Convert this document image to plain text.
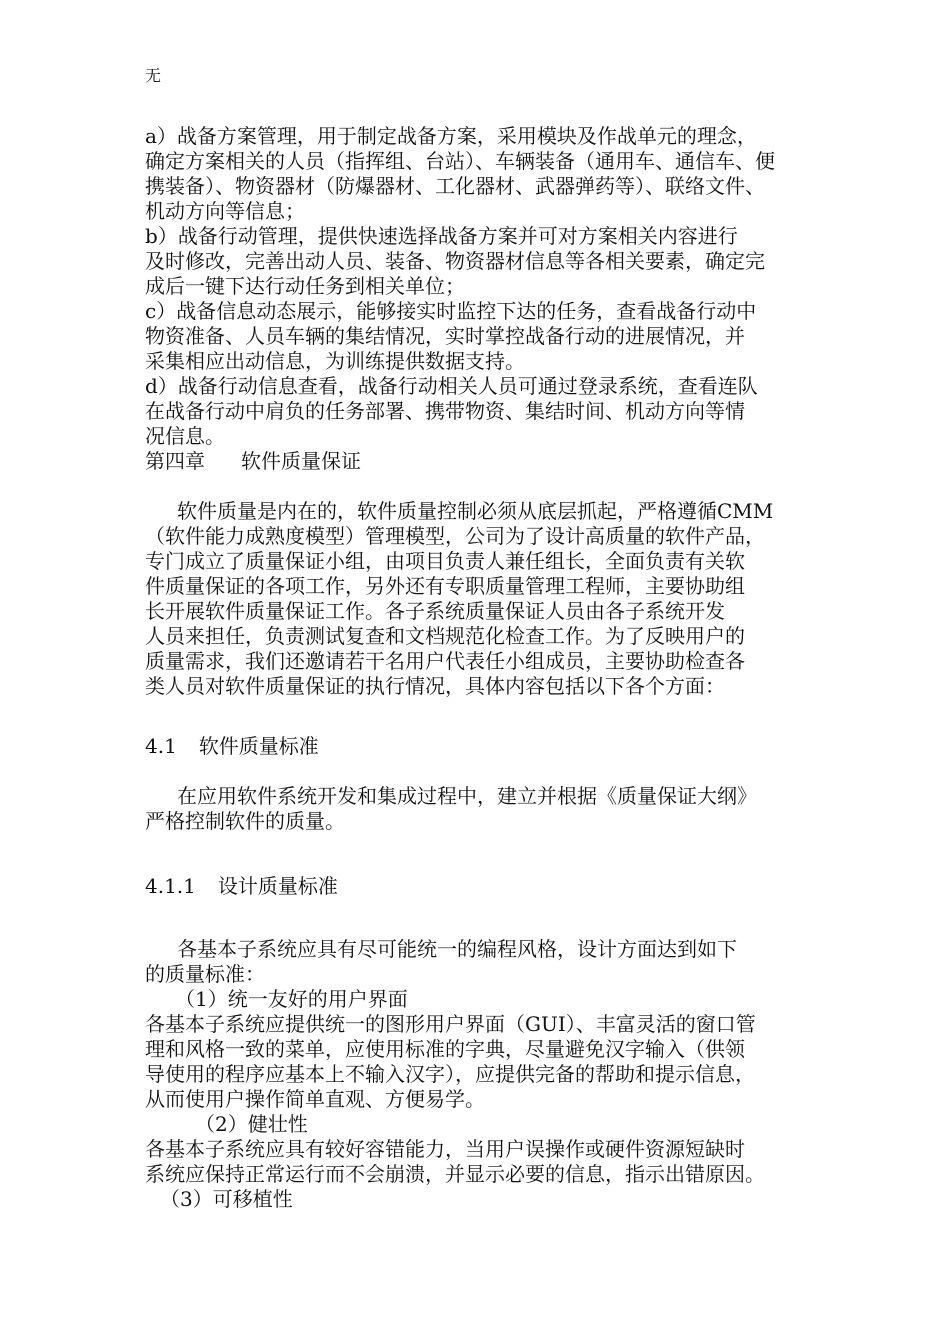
无
a）战备方案管理，用于制定战备方案，采用模块及作战单元的理念，
确定方案相关的人员（指挥组、台站）、车辆装备（通用车、通信车、便
携装备）、物资器材（防爆器材、工化器材、武器弹药等）、联络文件、
机动方向等信息；
b）战备行动管理，提供快速选择战备方案并可对方案相关内容进行
及时修改，完善出动人员、装备、物资器材信息等各相关要素，确定完
成后一键下达行动任务到相关单位；
c）战备信息动态展示，能够接实时监控下达的任务，查看战备行动中
物资准备、人员车辆的集结情况，实时掌控战备行动的进展情况，并
采集相应出动信息，为训练提供数据支持。
d）战备行动信息查看，战备行动相关人员可通过登录系统，查看连队
在战备行动中肩负的任务部署、携带物资、集结时间、机动方向等情
况信息。
第四章 软件质量保证
软件质量是内在的，软件质量控制必须从底层抓起，严格遵循CMM
（软件能力成熟度模型）管理模型，公司为了设计高质量的软件产品，
专门成立了质量保证小组，由项目负责人兼任组长，全面负责有关软
件质量保证的各项工作，另外还有专职质量管理工程师，主要协助组
长开展软件质量保证工作。各子系统质量保证人员由各子系统开发
人员来担任，负责测试复查和文档规范化检查工作。为了反映用户的
质量需求，我们还邀请若干名用户代表任小组成员，主要协助检查各
类人员对软件质量保证的执行情况，具体内容包括以下各个方面：
4.1 软件质量标准
在应用软件系统开发和集成过程中，建立并根据《质量保证大纲》
严格控制软件的质量。
4.1.1 设计质量标准
各基本子系统应具有尽可能统一的编程风格，设计方面达到如下
的质量标准：
（1）统一友好的用户界面
各基本子系统应提供统一的图形用户界面（GUI）、丰富灵活的窗口管
理和风格一致的菜单，应使用标准的字典，尽量避免汉字输入（供领
导使用的程序应基本上不输入汉字），应提供完备的帮助和提示信息，
从而使用户操作简单直观、方便易学。
（2）健壮性
各基本子系统应具有较好容错能力，当用户误操作或硬件资源短缺时
系统应保持正常运行而不会崩溃，并显示必要的信息，指示出错原因。
（3）可移植性
